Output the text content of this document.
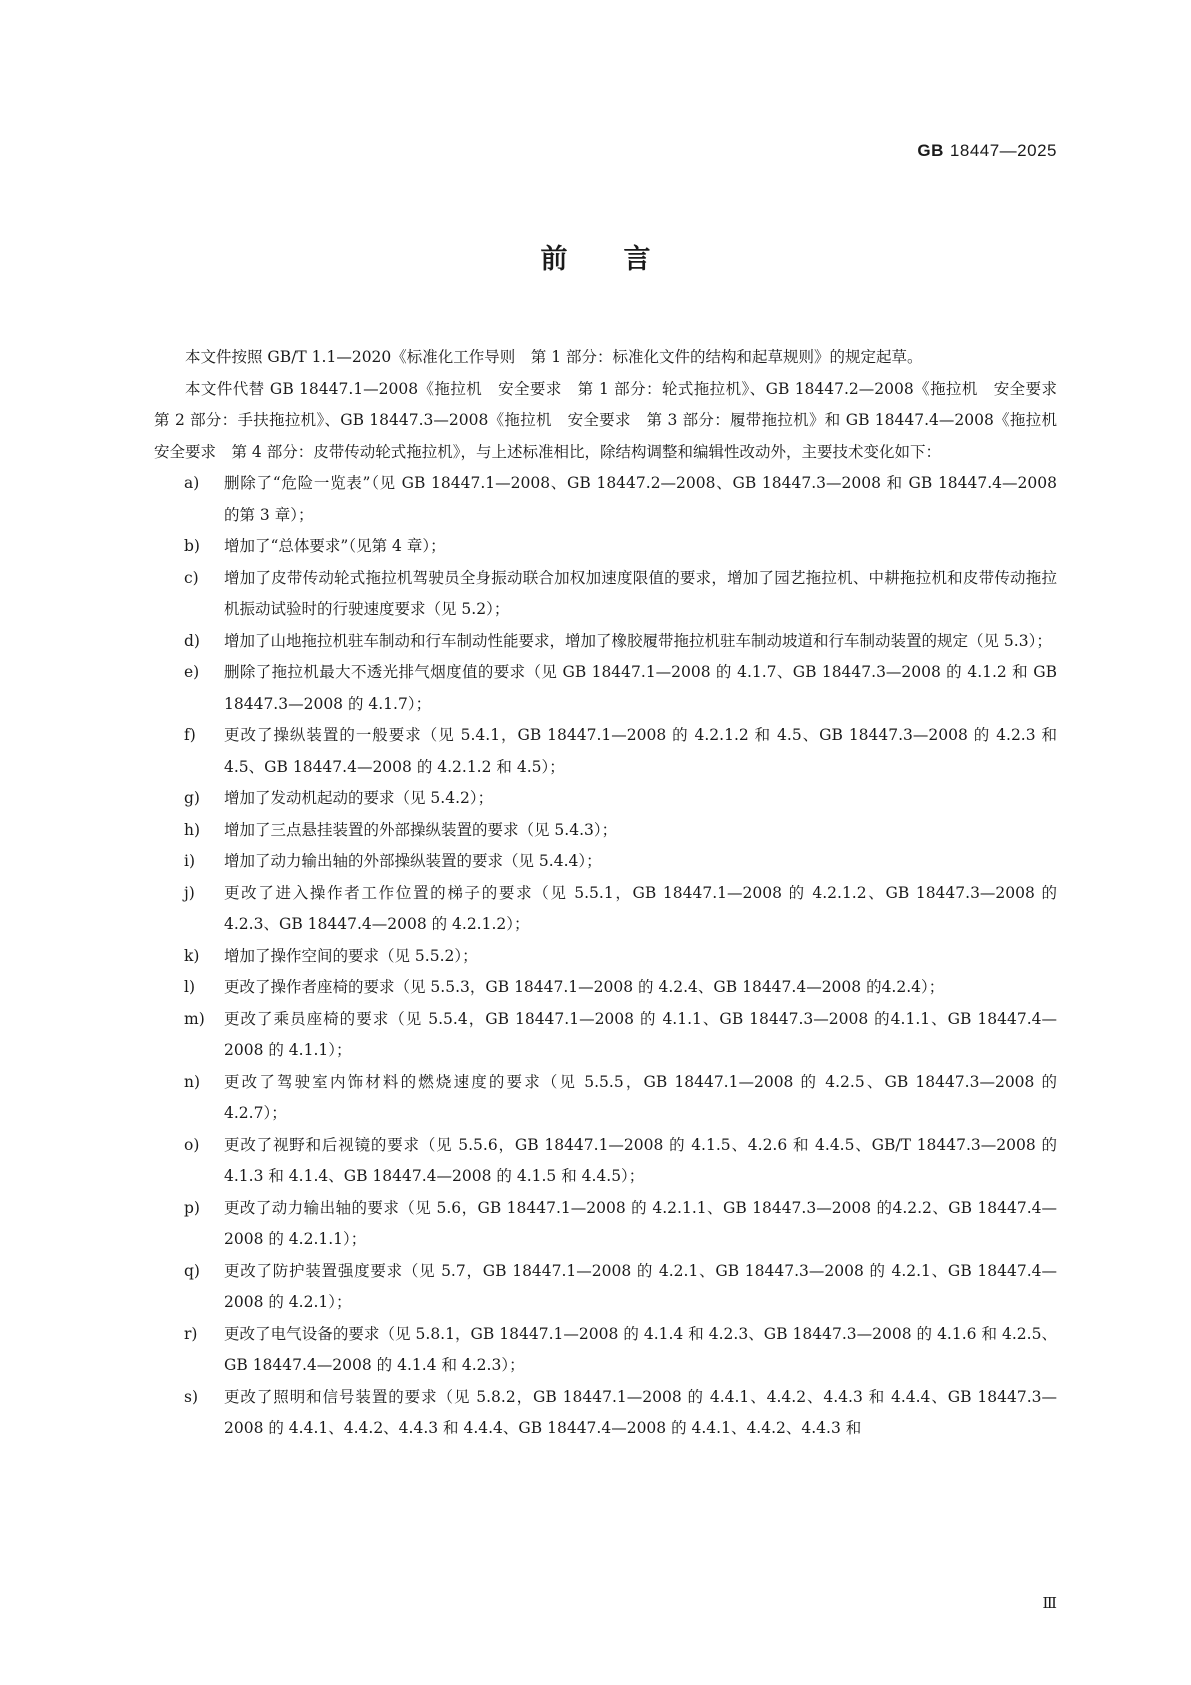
GB 18447—2025
前言

本文件按照 GB/T 1.1—2020《标准化工作导则　第 1 部分：标准化文件的结构和起草规则》的规定起草。

本文件代替 GB 18447.1—2008《拖拉机　安全要求　第 1 部分：轮式拖拉机》、GB 18447.2—2008《拖拉机　安全要求　第 2 部分：手扶拖拉机》、GB 18447.3—2008《拖拉机　安全要求　第 3 部分：履带拖拉机》和 GB 18447.4—2008《拖拉机　安全要求　第 4 部分：皮带传动轮式拖拉机》，与上述标准相比，除结构调整和编辑性改动外，主要技术变化如下：

a)	删除了“危险一览表”（见 GB 18447.1—2008、GB 18447.2—2008、GB 18447.3—2008 和 GB 18447.4—2008 的第 3 章）；
b)	增加了“总体要求”（见第 4 章）；
c)	增加了皮带传动轮式拖拉机驾驶员全身振动联合加权加速度限值的要求，增加了园艺拖拉机、中耕拖拉机和皮带传动拖拉机振动试验时的行驶速度要求（见 5.2）；
d)	增加了山地拖拉机驻车制动和行车制动性能要求，增加了橡胶履带拖拉机驻车制动坡道和行车制动装置的规定（见 5.3）；
e)	删除了拖拉机最大不透光排气烟度值的要求（见 GB 18447.1—2008 的 4.1.7、GB 18447.3—2008 的 4.1.2 和 GB 18447.3—2008 的 4.1.7）；
f)	更改了操纵装置的一般要求（见 5.4.1，GB 18447.1—2008 的 4.2.1.2 和 4.5、GB 18447.3—2008 的 4.2.3 和 4.5、GB 18447.4—2008 的 4.2.1.2 和 4.5）；
g)	增加了发动机起动的要求（见 5.4.2）；
h)	增加了三点悬挂装置的外部操纵装置的要求（见 5.4.3）；
i)	增加了动力输出轴的外部操纵装置的要求（见 5.4.4）；
j)	更改了进入操作者工作位置的梯子的要求（见 5.5.1，GB 18447.1—2008 的 4.2.1.2、GB 18447.3—2008 的 4.2.3、GB 18447.4—2008 的 4.2.1.2）；
k)	增加了操作空间的要求（见 5.5.2）；
l)	更改了操作者座椅的要求（见 5.5.3，GB 18447.1—2008 的 4.2.4、GB 18447.4—2008 的4.2.4）；
m)	更改了乘员座椅的要求（见 5.5.4，GB 18447.1—2008 的 4.1.1、GB 18447.3—2008 的4.1.1、GB 18447.4—2008 的 4.1.1）；
n)	更改了驾驶室内饰材料的燃烧速度的要求（见 5.5.5，GB 18447.1—2008 的 4.2.5、GB 18447.3—2008 的 4.2.7）；
o)	更改了视野和后视镜的要求（见 5.5.6，GB 18447.1—2008 的 4.1.5、4.2.6 和 4.4.5、GB/T 18447.3—2008 的 4.1.3 和 4.1.4、GB 18447.4—2008 的 4.1.5 和 4.4.5）；
p)	更改了动力输出轴的要求（见 5.6，GB 18447.1—2008 的 4.2.1.1、GB 18447.3—2008 的4.2.2、GB 18447.4—2008 的 4.2.1.1）；
q)	更改了防护装置强度要求（见 5.7，GB 18447.1—2008 的 4.2.1、GB 18447.3—2008 的 4.2.1、GB 18447.4—2008 的 4.2.1）；
r)	更改了电气设备的要求（见 5.8.1，GB 18447.1—2008 的 4.1.4 和 4.2.3、GB 18447.3—2008 的 4.1.6 和 4.2.5、GB 18447.4—2008 的 4.1.4 和 4.2.3）；
s)	更改了照明和信号装置的要求（见 5.8.2，GB 18447.1—2008 的 4.4.1、4.4.2、4.4.3 和 4.4.4、GB 18447.3—2008 的 4.4.1、4.4.2、4.4.3 和 4.4.4、GB 18447.4—2008 的 4.4.1、4.4.2、4.4.3 和
Ⅲ
